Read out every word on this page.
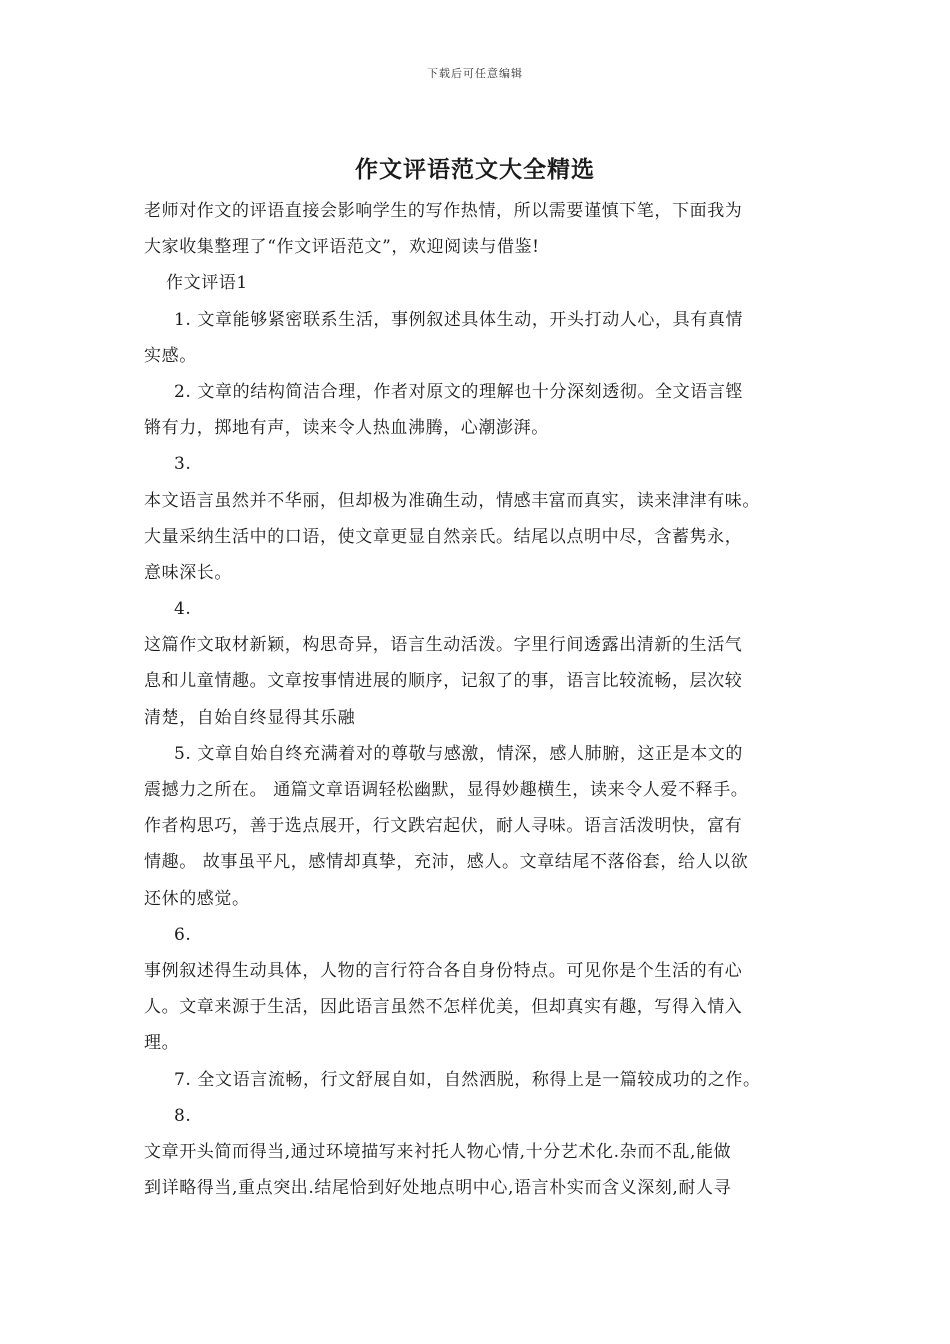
下载后可任意编辑
作文评语范文大全精选
老师对作文的评语直接会影响学生的写作热情，所以需要谨慎下笔，下面我为
大家收集整理了“作文评语范文”，欢迎阅读与借鉴!
作文评语1
1. 文章能够紧密联系生活，事例叙述具体生动，开头打动人心，具有真情
实感。
2. 文章的结构简洁合理，作者对原文的理解也十分深刻透彻。全文语言铿
锵有力，掷地有声，读来令人热血沸腾，心潮澎湃。
3.
本文语言虽然并不华丽，但却极为准确生动，情感丰富而真实，读来津津有味。
大量采纳生活中的口语，使文章更显自然亲氏。结尾以点明中尽，含蓄隽永，
意味深长。
4.
这篇作文取材新颖，构思奇异，语言生动活泼。字里行间透露出清新的生活气
息和儿童情趣。文章按事情进展的顺序，记叙了的事，语言比较流畅，层次较
清楚，自始自终显得其乐融
5. 文章自始自终充满着对的尊敬与感激，情深，感人肺腑，这正是本文的
震撼力之所在。 通篇文章语调轻松幽默，显得妙趣横生，读来令人爱不释手。
作者构思巧，善于选点展开，行文跌宕起伏，耐人寻味。语言活泼明快，富有
情趣。 故事虽平凡，感情却真挚，充沛，感人。文章结尾不落俗套，给人以欲
还休的感觉。
6.
事例叙述得生动具体，人物的言行符合各自身份特点。可见你是个生活的有心
人。文章来源于生活，因此语言虽然不怎样优美，但却真实有趣，写得入情入
理。
7. 全文语言流畅，行文舒展自如，自然洒脱，称得上是一篇较成功的之作。
8.
文章开头简而得当,通过环境描写来衬托人物心情,十分艺术化.杂而不乱,能做
到详略得当,重点突出.结尾恰到好处地点明中心,语言朴实而含义深刻,耐人寻
